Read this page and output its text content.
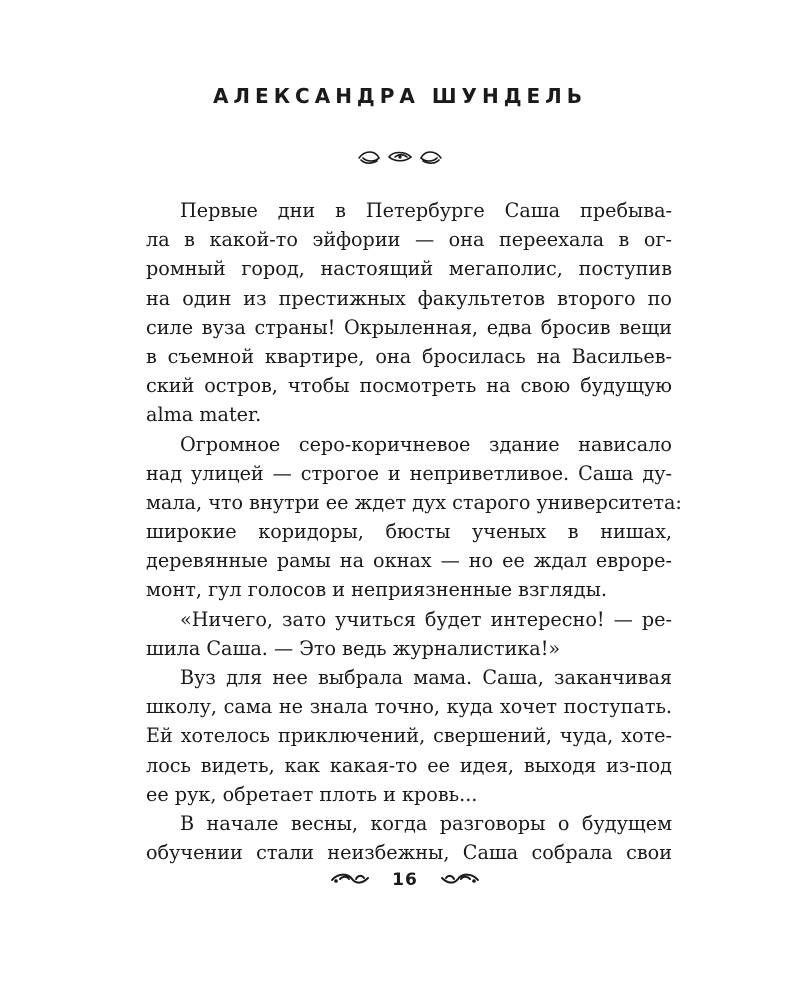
АЛЕКСАНДРА ШУНДЕЛЬ

Первые дни в Петербурге Саша пребыва-
ла в какой-то эйфории — она переехала в ог-
ромный город, настоящий мегаполис, поступив
на один из престижных факультетов второго по
силе вуза страны! Окрыленная, едва бросив вещи
в съемной квартире, она бросилась на Васильев-
ский остров, чтобы посмотреть на свою будущую
alma mater.

Огромное серо-коричневое здание нависало
над улицей — строгое и неприветливое. Саша ду-
мала, что внутри ее ждет дух старого университета:
широкие коридоры, бюсты ученых в нишах,
деревянные рамы на окнах — но ее ждал евроре-
монт, гул голосов и неприязненные взгляды.

«Ничего, зато учиться будет интересно! — ре-
шила Саша. — Это ведь журналистика!»

Вуз для нее выбрала мама. Саша, заканчивая
школу, сама не знала точно, куда хочет поступать.
Ей хотелось приключений, свершений, чуда, хоте-
лось видеть, как какая-то ее идея, выходя из-под
ее рук, обретает плоть и кровь...

В начале весны, когда разговоры о будущем
обучении стали неизбежны, Саша собрала свои

16
